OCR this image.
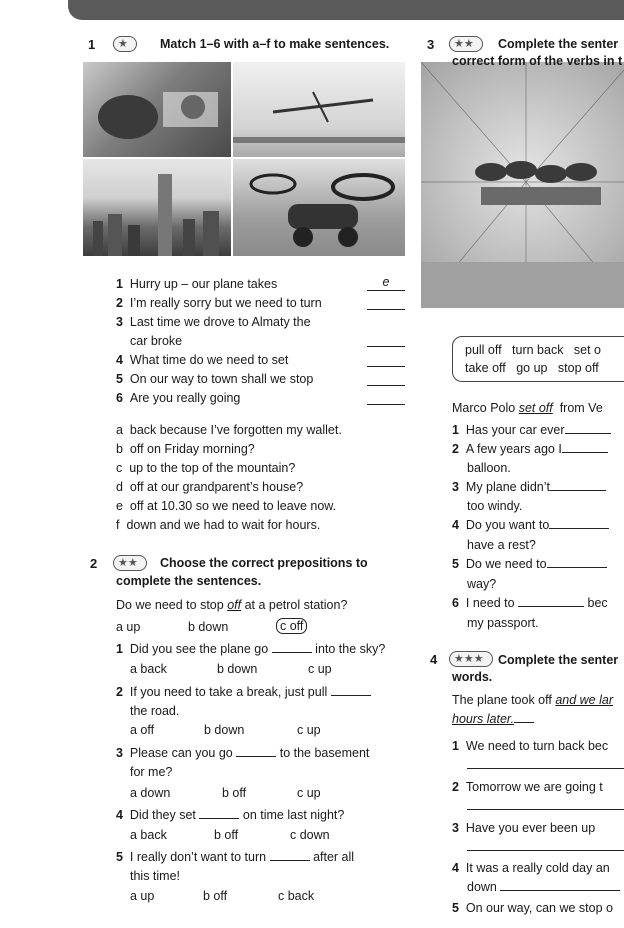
1	★	Match 1–6 with a–f to make sentences.
1 Hurry up – our plane takes	e
2 I’m really sorry but we need to turn
3 Last time we drove to Almaty the
car broke
4 What time do we need to set
5 On our way to town shall we stop
6 Are you really going
a back because I’ve forgotten my wallet.
b off on Friday morning?
c up to the top of the mountain?
d off at our grandparent’s house?
e off at 10.30 so we need to leave now.
f down and we had to wait for hours.
2	★★	Choose the correct prepositions to
complete the sentences.
Do we need to stop off at a petrol station?
a up	b down	c off
1 Did you see the plane go	into the sky?
a back	b down	c up
2 If you need to take a break, just pull
the road.
a off	b down	c up
3 Please can you go	to the basement
for me?
a down	b off	c up
4 Did they set	on time last night?
a back	b off	c down
5 I really don’t want to turn	after all
this time!
a up	b off	c back
3	★★	Complete the senter
correct form of the verbs in t
pull off turn back set o
take off go up stop off
Marco Polo set off  from Ve
1 Has your car ever
2 A few years ago I
balloon.
3 My plane didn’t
too windy.
4 Do you want to
have a rest?
5 Do we need to
way?
6 I need to	bec
my passport.
4	★★★	Complete the senter
words.
The plane took off and we lar
hours later.
1 We need to turn back bec
2 Tomorrow we are going t
3 Have you ever been up
4 It was a really cold day an
down
5 On our way, can we stop o
